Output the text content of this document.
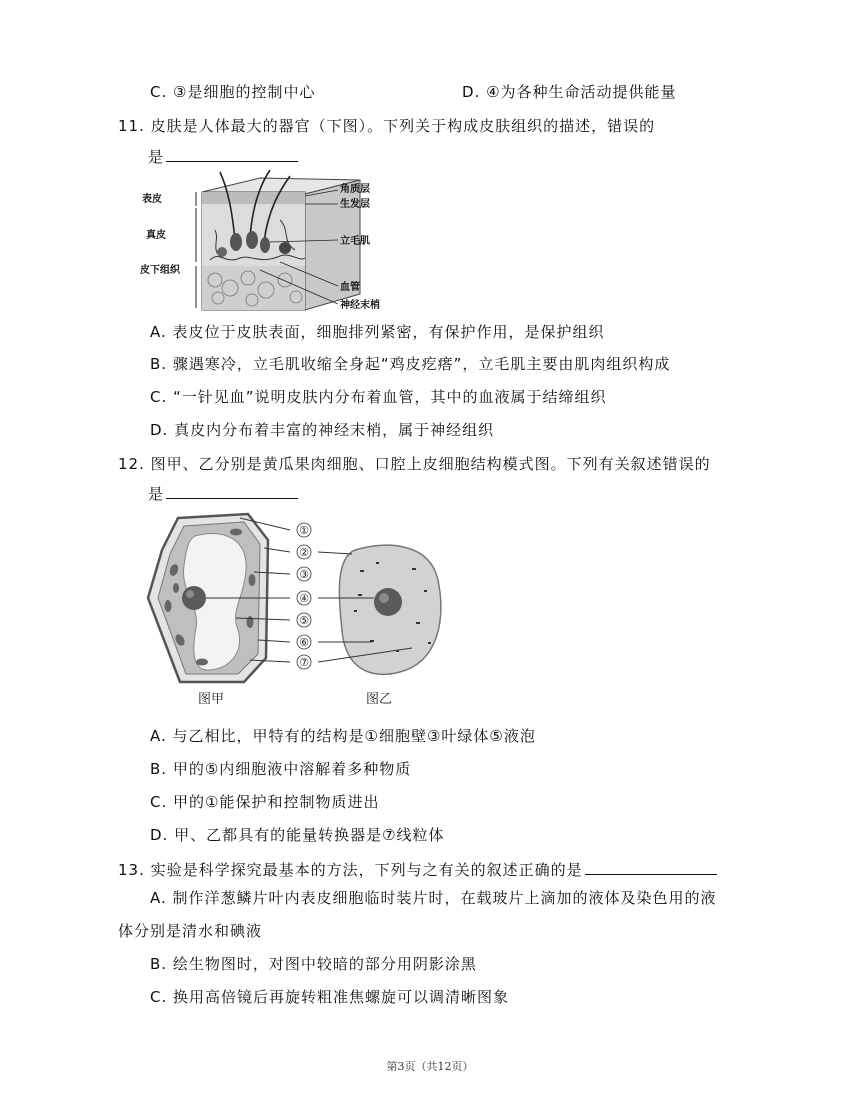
C. ③是细胞的控制中心	D. ④为各种生命活动提供能量
11. 皮肤是人体最大的器官（下图）。下列关于构成皮肤组织的描述，错误的
是
表皮
真皮
皮下组织
角质层
生发层
立毛肌
血管
神经末梢
A. 表皮位于皮肤表面，细胞排列紧密，有保护作用，是保护组织
B. 骤遇寒冷，立毛肌收缩全身起“鸡皮疙瘩”，立毛肌主要由肌肉组织构成
C. “一针见血”说明皮肤内分布着血管，其中的血液属于结缔组织
D. 真皮内分布着丰富的神经末梢，属于神经组织
12. 图甲、乙分别是黄瓜果肉细胞、口腔上皮细胞结构模式图。下列有关叙述错误的
是
①
②
③
④
⑤
⑥
⑦
图甲	图乙
A. 与乙相比，甲特有的结构是①细胞壁③叶绿体⑤液泡
B. 甲的⑤内细胞液中溶解着多种物质
C. 甲的①能保护和控制物质进出
D. 甲、乙都具有的能量转换器是⑦线粒体
13. 实验是科学探究最基本的方法，下列与之有关的叙述正确的是
A. 制作洋葱鳞片叶内表皮细胞临时装片时，在载玻片上滴加的液体及染色用的液
体分别是清水和碘液
B. 绘生物图时，对图中较暗的部分用阴影涂黑
C. 换用高倍镜后再旋转粗准焦螺旋可以调清晰图象
第3页（共12页）
